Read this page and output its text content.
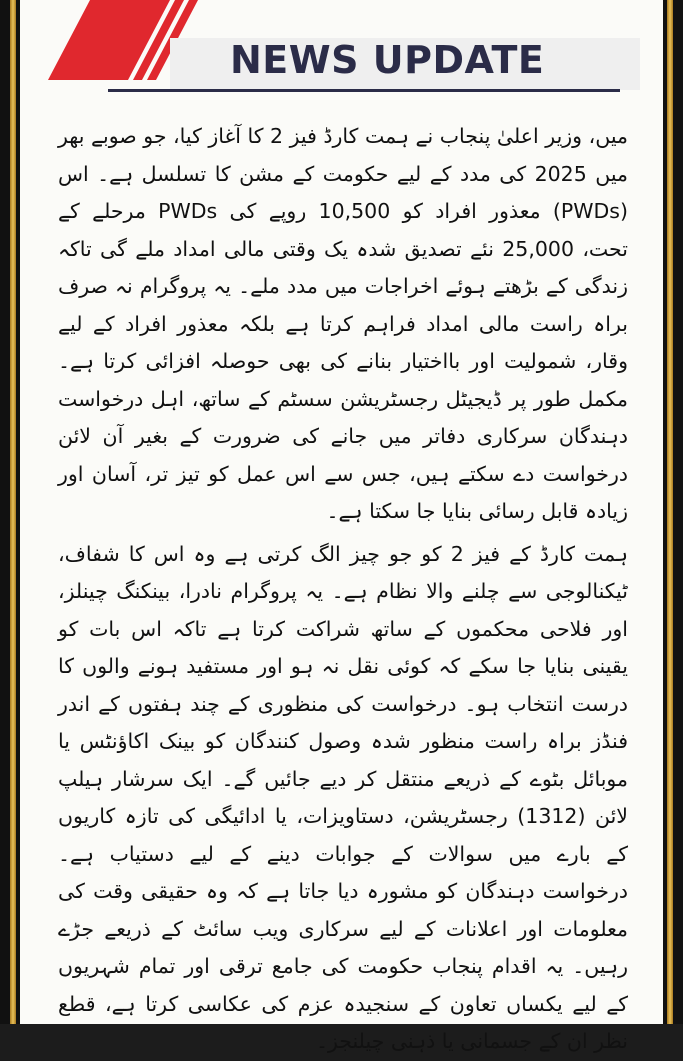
NEWS UPDATE

میں، وزیر اعلیٰ پنجاب نے ہمت کارڈ فیز 2 کا آغاز کیا، جو صوبے بھر میں 2025 کی مدد کے لیے حکومت کے مشن کا تسلسل ہے۔ اس (PWDs) معذور افراد کو 10,500 روپے کی PWDs مرحلے کے تحت، 25,000 نئے تصدیق شدہ یک وقتی مالی امداد ملے گی تاکہ زندگی کے بڑھتے ہوئے اخراجات میں مدد ملے۔ یہ پروگرام نہ صرف براہ راست مالی امداد فراہم کرتا ہے بلکہ معذور افراد کے لیے وقار، شمولیت اور بااختیار بنانے کی بھی حوصلہ افزائی کرتا ہے۔ مکمل طور پر ڈیجیٹل رجسٹریشن سسٹم کے ساتھ، اہل درخواست دہندگان سرکاری دفاتر میں جانے کی ضرورت کے بغیر آن لائن درخواست دے سکتے ہیں، جس سے اس عمل کو تیز تر، آسان اور زیادہ قابل رسائی بنایا جا سکتا ہے۔

ہمت کارڈ کے فیز 2 کو جو چیز الگ کرتی ہے وہ اس کا شفاف، ٹیکنالوجی سے چلنے والا نظام ہے۔ یہ پروگرام نادرا، بینکنگ چینلز، اور فلاحی محکموں کے ساتھ شراکت کرتا ہے تاکہ اس بات کو یقینی بنایا جا سکے کہ کوئی نقل نہ ہو اور مستفید ہونے والوں کا درست انتخاب ہو۔ درخواست کی منظوری کے چند ہفتوں کے اندر فنڈز براہ راست منظور شدہ وصول کنندگان کو بینک اکاؤنٹس یا موبائل بٹوے کے ذریعے منتقل کر دیے جائیں گے۔ ایک سرشار ہیلپ لائن (1312) رجسٹریشن، دستاویزات، یا ادائیگی کی تازہ کاریوں کے بارے میں سوالات کے جوابات دینے کے لیے دستیاب ہے۔ درخواست دہندگان کو مشورہ دیا جاتا ہے کہ وہ حقیقی وقت کی معلومات اور اعلانات کے لیے سرکاری ویب سائٹ کے ذریعے جڑے رہیں۔ یہ اقدام پنجاب حکومت کی جامع ترقی اور تمام شہریوں کے لیے یکساں تعاون کے سنجیدہ عزم کی عکاسی کرتا ہے، قطع نظر ان کے جسمانی یا ذہنی چیلنجز۔
